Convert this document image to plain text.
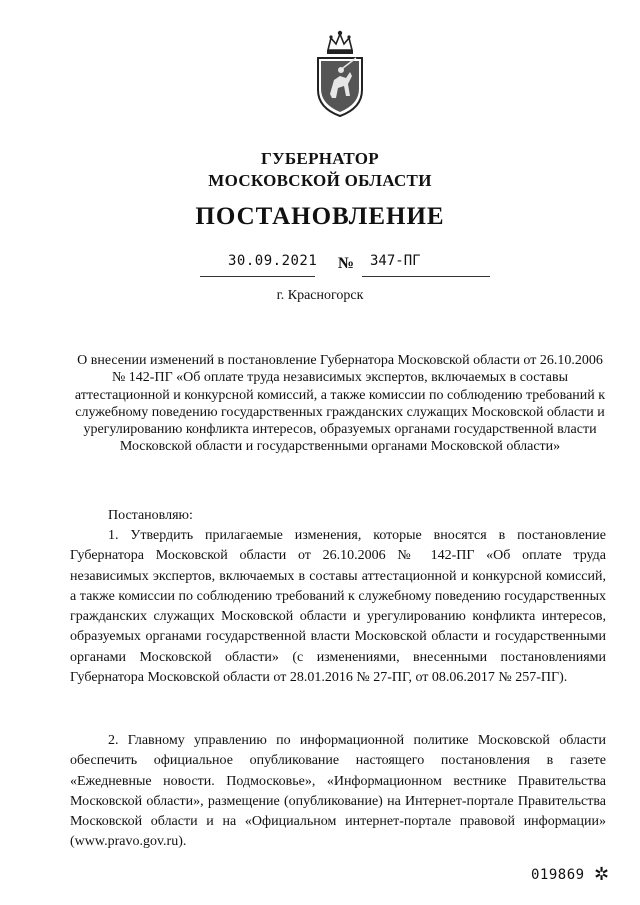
ГУБЕРНАТОР
МОСКОВСКОЙ ОБЛАСТИ
ПОСТАНОВЛЕНИЕ
30.09.2021 № 347-ПГ
г. Красногорск
О внесении изменений в постановление Губернатора Московской области от 26.10.2006 № 142-ПГ «Об оплате труда независимых экспертов, включаемых в составы аттестационной и конкурсной комиссий, а также комиссии по соблюдению требований к служебному поведению государственных гражданских служащих Московской области и урегулированию конфликта интересов, образуемых органами государственной власти Московской области и государственными органами Московской области»
Постановляю:
1. Утвердить прилагаемые изменения, которые вносятся в постановление Губернатора Московской области от 26.10.2006 № 142-ПГ «Об оплате труда независимых экспертов, включаемых в составы аттестационной и конкурсной комиссий, а также комиссии по соблюдению требований к служебному поведению государственных гражданских служащих Московской области и урегулированию конфликта интересов, образуемых органами государственной власти Московской области и государственными органами Московской области» (с изменениями, внесенными постановлениями Губернатора Московской области от 28.01.2016 № 27-ПГ, от 08.06.2017 № 257-ПГ).
2. Главному управлению по информационной политике Московской области обеспечить официальное опубликование настоящего постановления в газете «Ежедневные новости. Подмосковье», «Информационном вестнике Правительства Московской области», размещение (опубликование) на Интернет-портале Правительства Московской области и на «Официальном интернет-портале правовой информации» (www.pravo.gov.ru).
019869 ✲
